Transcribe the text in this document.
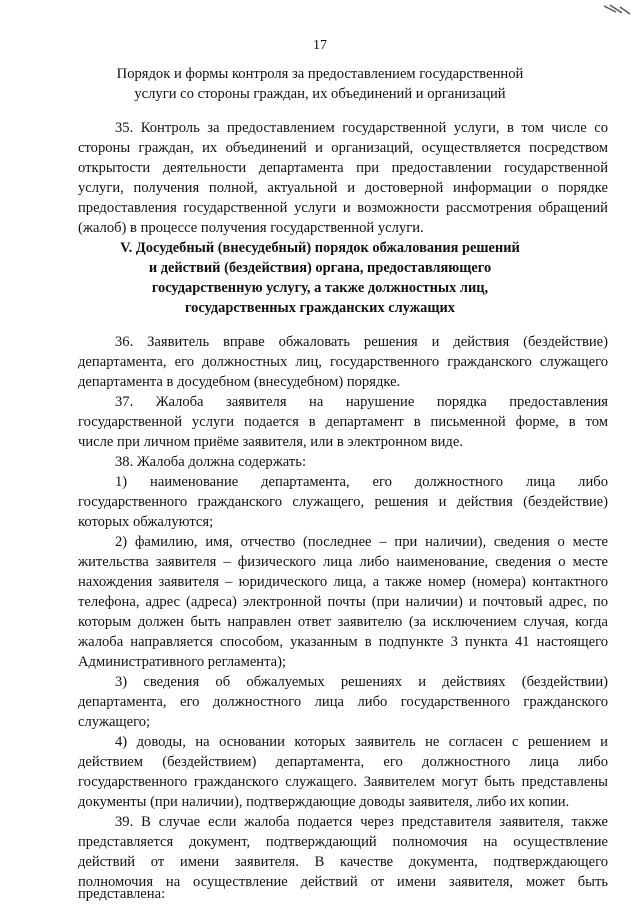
17
Порядок и формы контроля за предоставлением государственной
услуги со стороны граждан, их объединений и организаций
35. Контроль за предоставлением государственной услуги, в том числе со
стороны граждан, их объединений и организаций, осуществляется посредством
открытости деятельности департамента при предоставлении государственной
услуги, получения полной, актуальной и достоверной информации о порядке
предоставления государственной услуги и возможности рассмотрения обращений
(жалоб) в процессе получения государственной услуги.
V. Досудебный (внесудебный) порядок обжалования решений
и действий (бездействия) органа, предоставляющего
государственную услугу, а также должностных лиц,
государственных гражданских служащих
36. Заявитель вправе обжаловать решения и действия (бездействие)
департамента, его должностных лиц, государственного гражданского служащего
департамента в досудебном (внесудебном) порядке.
37. Жалоба заявителя на нарушение порядка предоставления
государственной услуги подается в департамент в письменной форме, в том
числе при личном приёме заявителя, или в электронном виде.
38. Жалоба должна содержать:
1) наименование департамента, его должностного лица либо
государственного гражданского служащего, решения и действия (бездействие)
которых обжалуются;
2) фамилию, имя, отчество (последнее – при наличии), сведения о месте
жительства заявителя – физического лица либо наименование, сведения о месте
нахождения заявителя – юридического лица, а также номер (номера) контактного
телефона, адрес (адреса) электронной почты (при наличии) и почтовый адрес, по
которым должен быть направлен ответ заявителю (за исключением случая, когда
жалоба направляется способом, указанным в подпункте 3 пункта 41 настоящего
Административного регламента);
3) сведения об обжалуемых решениях и действиях (бездействии)
департамента, его должностного лица либо государственного гражданского
служащего;
4) доводы, на основании которых заявитель не согласен с решением и
действием (бездействием) департамента, его должностного лица либо
государственного гражданского служащего. Заявителем могут быть представлены
документы (при наличии), подтверждающие доводы заявителя, либо их копии.
39. В случае если жалоба подается через представителя заявителя, также
представляется документ, подтверждающий полномочия на осуществление
действий от имени заявителя. В качестве документа, подтверждающего
полномочия на осуществление действий от имени заявителя, может быть
представлена:
